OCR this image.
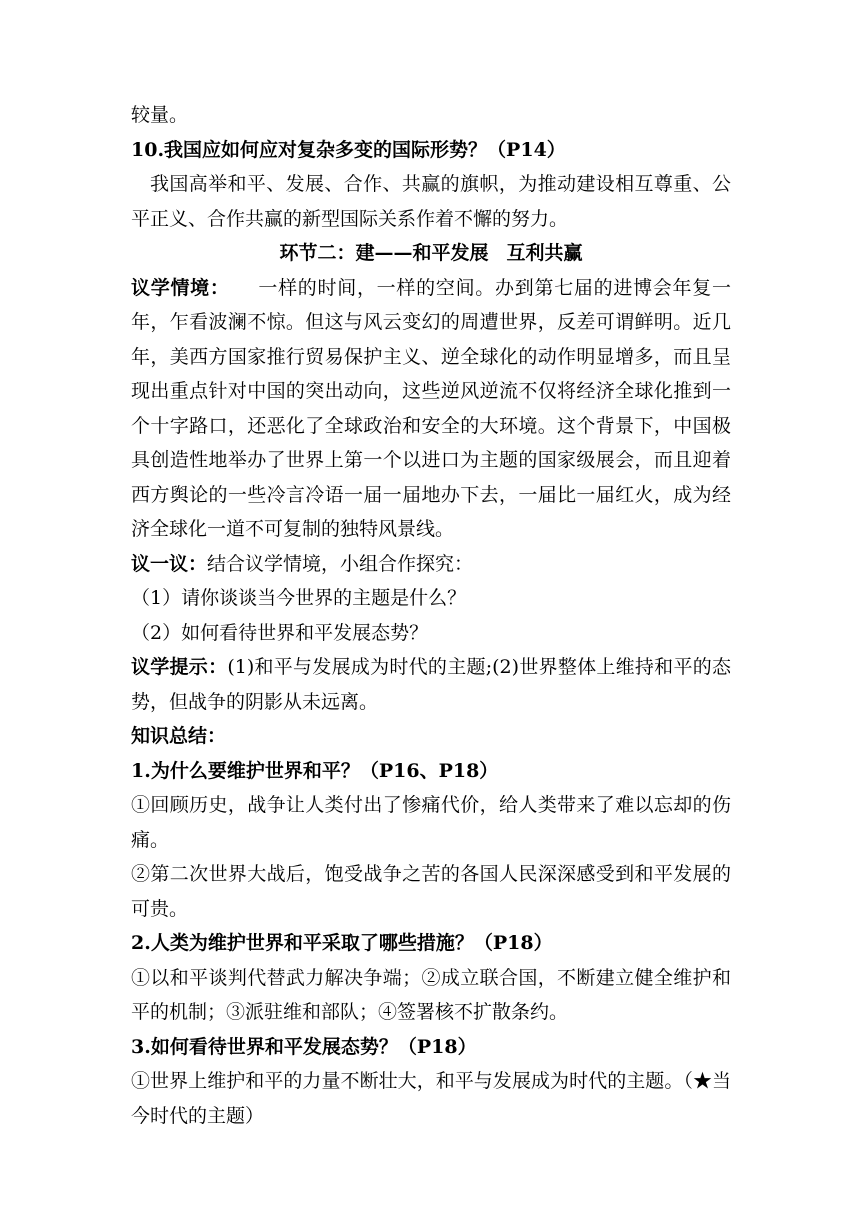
较量。

10.我国应如何应对复杂多变的国际形势？（P14）

我国高举和平、发展、合作、共赢的旗帜，为推动建设相互尊重、公平正义、合作共赢的新型国际关系作着不懈的努力。

环节二：建——和平发展 互利共赢

议学情境： 一样的时间，一样的空间。办到第七届的进博会年复一年，乍看波澜不惊。但这与风云变幻的周遭世界，反差可谓鲜明。近几年，美西方国家推行贸易保护主义、逆全球化的动作明显增多，而且呈现出重点针对中国的突出动向，这些逆风逆流不仅将经济全球化推到一个十字路口，还恶化了全球政治和安全的大环境。这个背景下，中国极具创造性地举办了世界上第一个以进口为主题的国家级展会，而且迎着西方舆论的一些冷言冷语一届一届地办下去，一届比一届红火，成为经济全球化一道不可复制的独特风景线。

议一议：结合议学情境，小组合作探究：

（1）请你谈谈当今世界的主题是什么？

（2）如何看待世界和平发展态势？

议学提示：(1)和平与发展成为时代的主题;(2)世界整体上维持和平的态势，但战争的阴影从未远离。

知识总结：

1.为什么要维护世界和平？（P16、P18）

①回顾历史，战争让人类付出了惨痛代价，给人类带来了难以忘却的伤痛。

②第二次世界大战后，饱受战争之苦的各国人民深深感受到和平发展的可贵。

2.人类为维护世界和平采取了哪些措施？（P18）

①以和平谈判代替武力解决争端；②成立联合国，不断建立健全维护和平的机制；③派驻维和部队；④签署核不扩散条约。

3.如何看待世界和平发展态势？（P18）

①世界上维护和平的力量不断壮大，和平与发展成为时代的主题。（★当今时代的主题）
